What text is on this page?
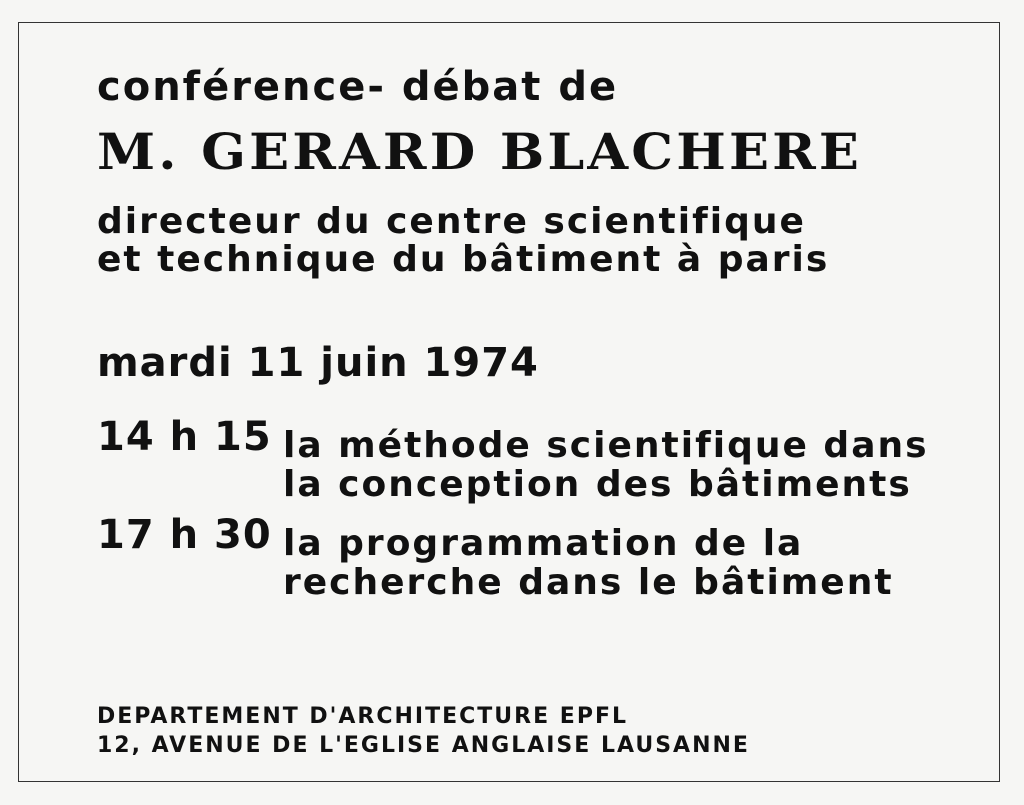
conférence- débat de
M. GERARD BLACHERE
directeur du centre scientifique
et technique du bâtiment à paris
mardi 11 juin 1974
14 h 15 la méthode scientifique dans
la conception des bâtiments
17 h 30 la programmation de la
recherche dans le bâtiment
DEPARTEMENT D'ARCHITECTURE EPFL
12, AVENUE DE L'EGLISE ANGLAISE LAUSANNE
